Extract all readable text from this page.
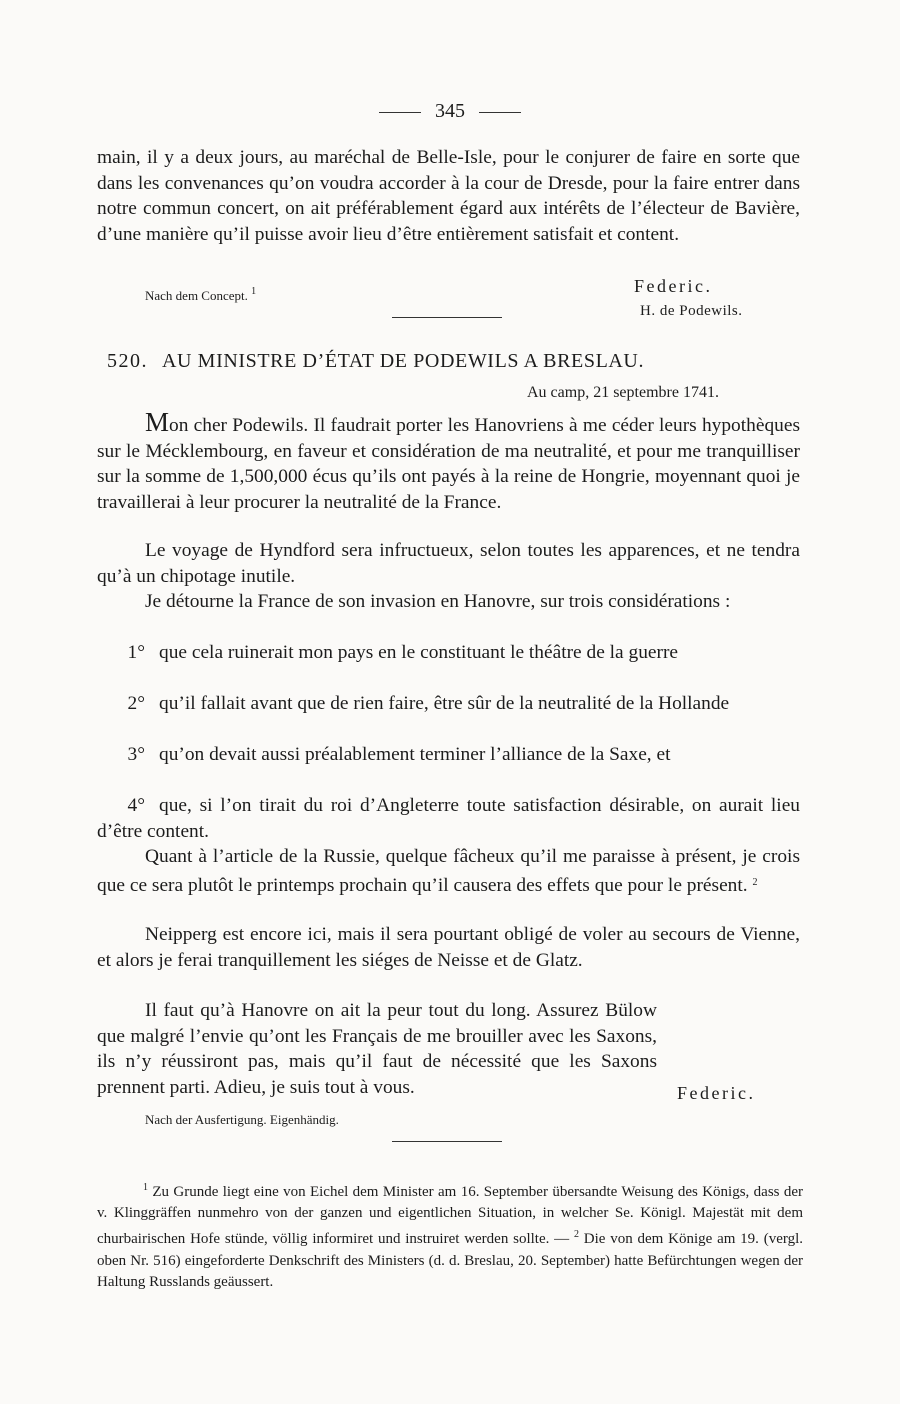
345

main, il y a deux jours, au maréchal de Belle-Isle, pour le conjurer de faire en sorte que dans les convenances qu’on voudra accorder à la cour de Dresde, pour la faire entrer dans notre commun concert, on ait préférablement égard aux intérêts de l’électeur de Bavière, d’une manière qu’il puisse avoir lieu d’être entièrement satisfait et content.

Nach dem Concept. $^1$	Federic.
H. de Podewils.
520. AU MINISTRE D’ÉTAT DE PODEWILS A BRESLAU.
Au camp, 21 septembre 1741.

Mon cher Podewils. Il faudrait porter les Hanovriens à me céder leurs hypothèques sur le Mécklembourg, en faveur et considération de ma neutralité, et pour me tranquilliser sur la somme de 1,500,000 écus qu’ils ont payés à la reine de Hongrie, moyennant quoi je travaillerai à leur procurer la neutralité de la France.

Le voyage de Hyndford sera infructueux, selon toutes les apparences, et ne tendra qu’à un chipotage inutile.

Je détourne la France de son invasion en Hanovre, sur trois considérations :

1° que cela ruinerait mon pays en le constituant le théâtre de la guerre

2° qu’il fallait avant que de rien faire, être sûr de la neutralité de la Hollande

3° qu’on devait aussi préalablement terminer l’alliance de la Saxe, et

4° que, si l’on tirait du roi d’Angleterre toute satisfaction désirable, on aurait lieu d’être content.

Quant à l’article de la Russie, quelque fâcheux qu’il me paraisse à présent, je crois que ce sera plutôt le printemps prochain qu’il causera des effets que pour le présent. $^2$

Neipperg est encore ici, mais il sera pourtant obligé de voler au secours de Vienne, et alors je ferai tranquillement les siéges de Neisse et de Glatz.

Il faut qu’à Hanovre on ait la peur tout du long. Assurez Bülow que malgré l’envie qu’ont les Français de me brouiller avec les Saxons, ils n’y réussiront pas, mais qu’il faut de nécessité que les Saxons prennent parti. Adieu, je suis tout à vous.	Federic.
Nach der Ausfertigung. Eigenhändig.

$^1$ Zu Grunde liegt eine von Eichel dem Minister am 16. September übersandte Weisung des Königs, dass der v. Klinggräffen nunmehro von der ganzen und eigentlichen Situation, in welcher Se. Königl. Majestät mit dem churbairischen Hofe stünde, völlig informiret und instruiret werden sollte. — $^2$ Die von dem Könige am 19. (vergl. oben Nr. 516) eingeforderte Denkschrift des Ministers (d. d. Breslau, 20. September) hatte Befürchtungen wegen der Haltung Russlands geäussert.
